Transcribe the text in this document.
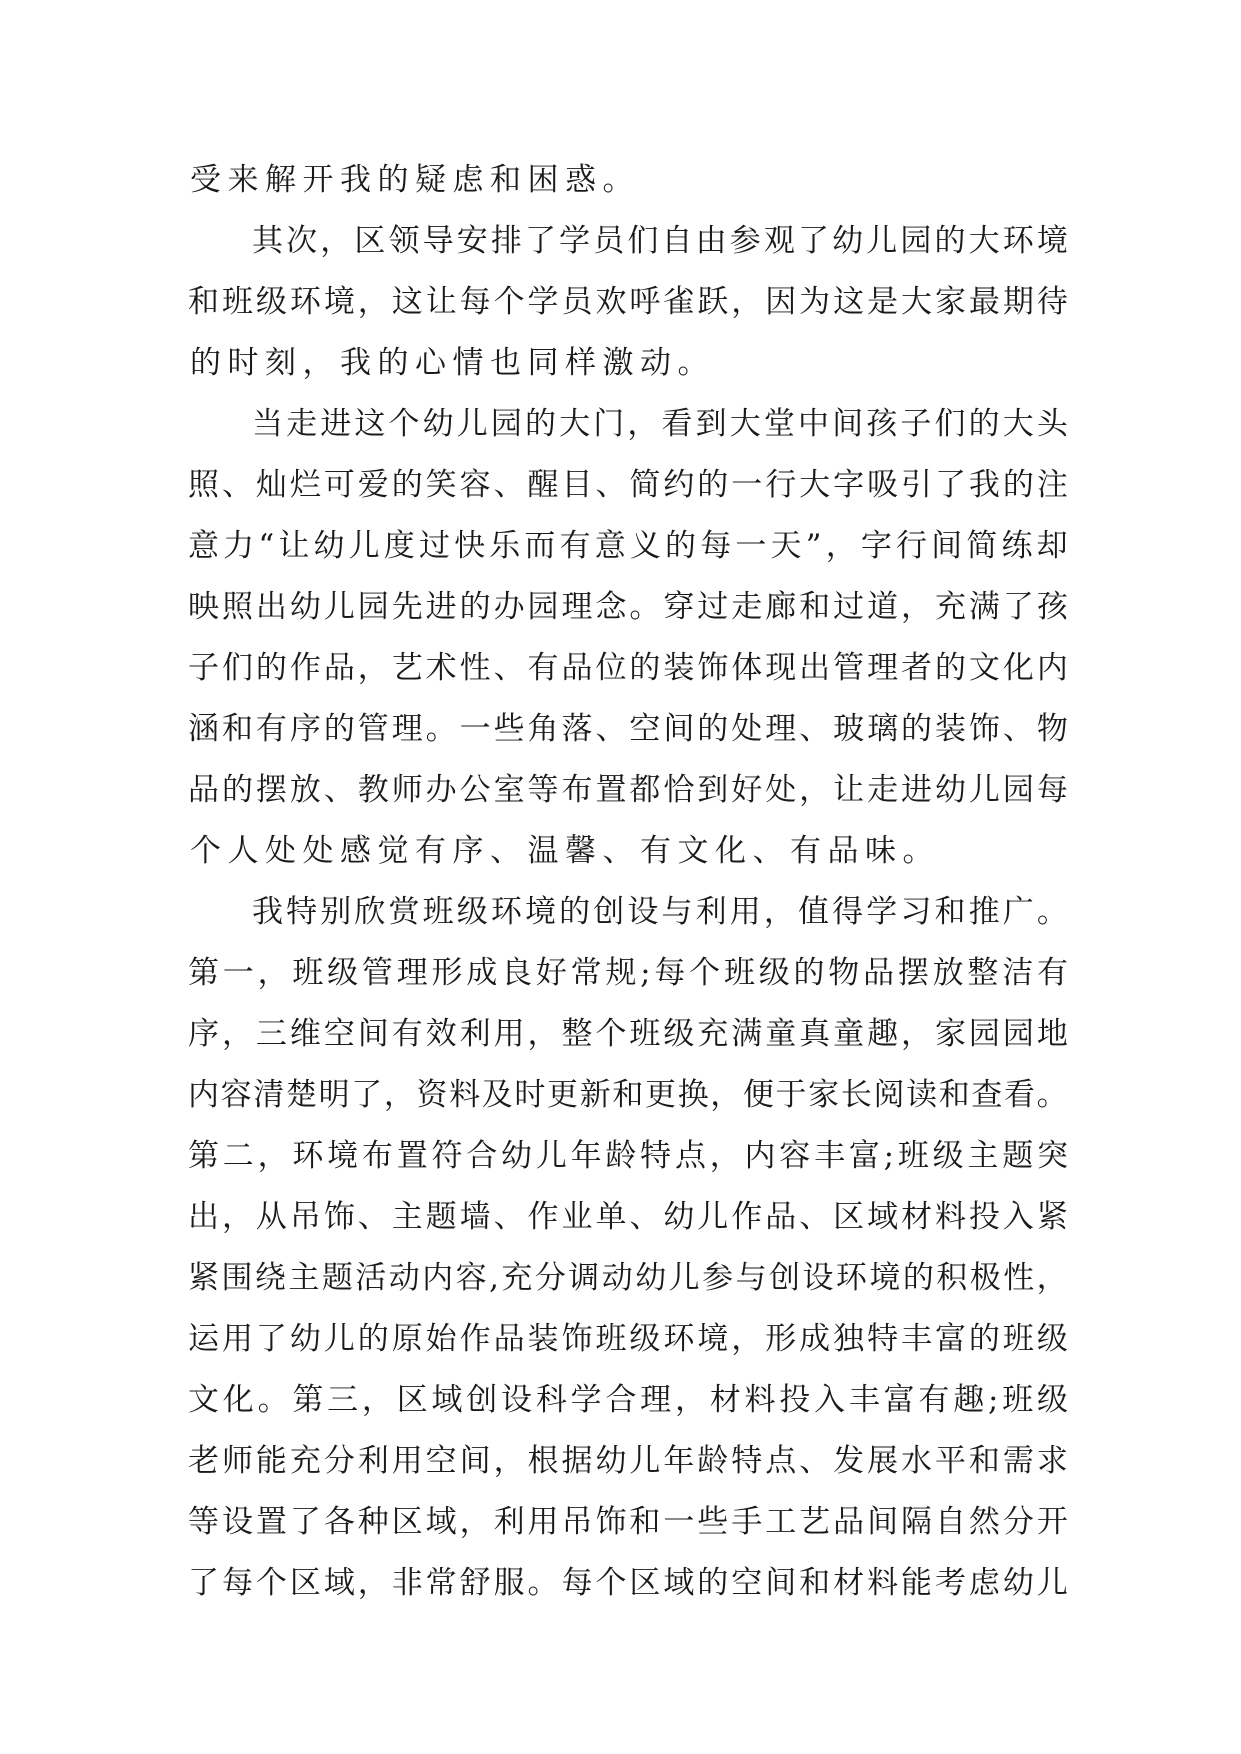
受来解开我的疑虑和困惑。
其 次 ， 区 领 导 安 排 了 学 员 们 自 由 参 观 了 幼 儿 园 的 大 环 境
和 班 级 环 境 ， 这 让 每 个 学 员 欢 呼 雀 跃 ， 因 为 这 是 大 家 最 期 待
的时刻，我的心情也同样激动。
当 走 进 这 个 幼 儿 园 的 大 门 ， 看 到 大 堂 中 间 孩 子 们 的 大 头
照 、 灿 烂 可 爱 的 笑 容 、 醒 目 、 简 约 的 一 行 大 字 吸 引 了 我 的 注
意 力 “ 让 幼 儿 度 过 快 乐 而 有 意 义 的 每 一 天 ” ， 字 行 间 简 练 却
映 照 出 幼 儿 园 先 进 的 办 园 理 念 。 穿 过 走 廊 和 过 道 ， 充 满 了 孩
子 们 的 作 品 ， 艺 术 性 、 有 品 位 的 装 饰 体 现 出 管 理 者 的 文 化 内
涵 和 有 序 的 管 理 。 一 些 角 落 、 空 间 的 处 理 、 玻 璃 的 装 饰 、 物
品 的 摆 放 、 教 师 办 公 室 等 布 置 都 恰 到 好 处 ， 让 走 进 幼 儿 园 每
个人处处感觉有序、温馨、有文化、有品味。
我 特 别 欣 赏 班 级 环 境 的 创 设 与 利 用 ， 值 得 学 习 和 推 广 。
第 一 ， 班 级 管 理 形 成 良 好 常 规 ; 每 个 班 级 的 物 品 摆 放 整 洁 有
序 ， 三 维 空 间 有 效 利 用 ， 整 个 班 级 充 满 童 真 童 趣 ， 家 园 园 地
内 容 清 楚 明 了 ， 资 料 及 时 更 新 和 更 换 ， 便 于 家 长 阅 读 和 查 看 。
第 二 ， 环 境 布 置 符 合 幼 儿 年 龄 特 点 ， 内 容 丰 富 ; 班 级 主 题 突
出 ， 从 吊 饰 、 主 题 墙 、 作 业 单 、 幼 儿 作 品 、 区 域 材 料 投 入 紧
紧 围 绕 主 题 活 动 内 容 , 充 分 调 动 幼 儿 参 与 创 设 环 境 的 积 极 性 ，
运 用 了 幼 儿 的 原 始 作 品 装 饰 班 级 环 境 ， 形 成 独 特 丰 富 的 班 级
文 化 。 第 三 ， 区 域 创 设 科 学 合 理 ， 材 料 投 入 丰 富 有 趣 ; 班 级
老 师 能 充 分 利 用 空 间 ， 根 据 幼 儿 年 龄 特 点 、 发 展 水 平 和 需 求
等 设 置 了 各 种 区 域 ， 利 用 吊 饰 和 一 些 手 工 艺 品 间 隔 自 然 分 开
了 每 个 区 域 ， 非 常 舒 服 。 每 个 区 域 的 空 间 和 材 料 能 考 虑 幼 儿
